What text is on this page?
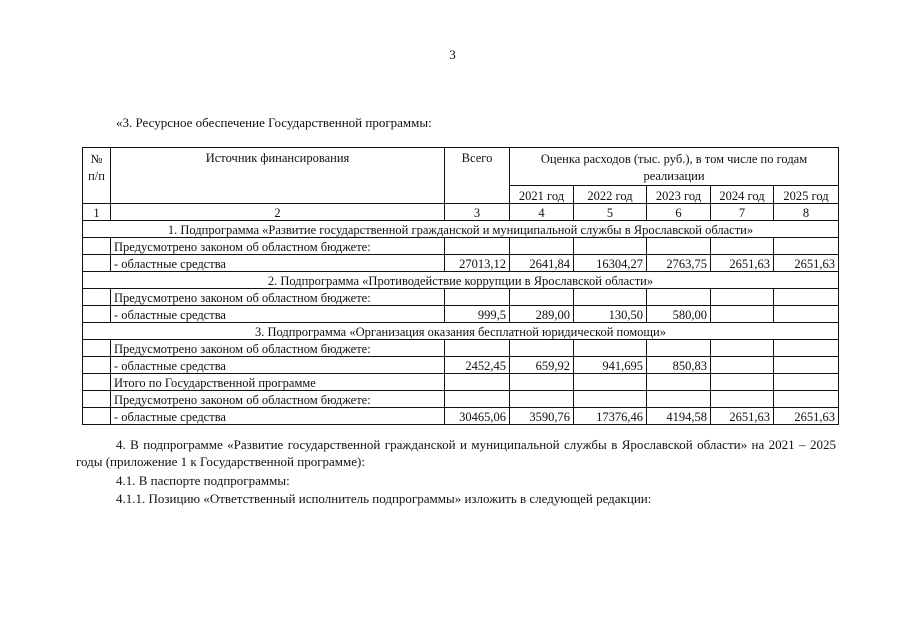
3
«3. Ресурсное обеспечение Государственной программы:
№ п/п	Источник финансирования	Всего	Оценка расходов (тыс. руб.), в том числе по годам реализации				
			2021 год	2022 год	2023 год	2024 год	2025 год
1	2	3	4	5	6	7	8
1. Подпрограмма «Развитие государственной гражданской и муниципальной службы в Ярославской области»							
	Предусмотрено законом об областном бюджете:						
	- областные средства	27013,12	2641,84	16304,27	2763,75	2651,63	2651,63
2. Подпрограмма «Противодействие коррупции в Ярославской области»							
	Предусмотрено законом об областном бюджете:						
	- областные средства	999,5	289,00	130,50	580,00		
3. Подпрограмма «Организация оказания бесплатной юридической помощи»							
	Предусмотрено законом об областном бюджете:						
	- областные средства	2452,45	659,92	941,695	850,83		
	Итого по Государственной программе						
	Предусмотрено законом об областном бюджете:						
	- областные средства	30465,06	3590,76	17376,46	4194,58	2651,63	2651,63
4. В подпрограмме «Развитие государственной гражданской и муниципальной службы в Ярославской области» на 2021 – 2025 годы (приложение 1 к Государственной программе):
4.1. В паспорте подпрограммы:
4.1.1. Позицию «Ответственный исполнитель подпрограммы» изложить в следующей редакции:
